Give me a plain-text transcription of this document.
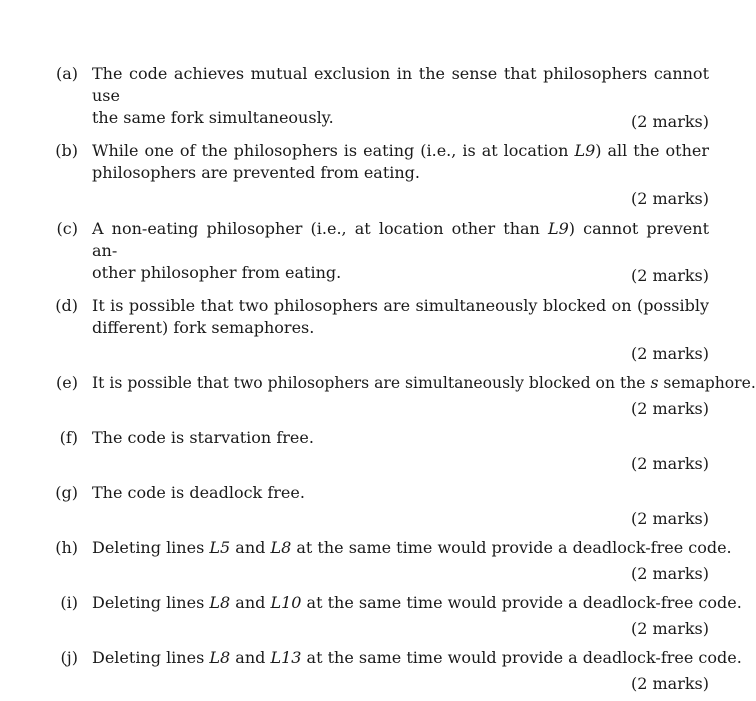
(a) The code achieves mutual exclusion in the sense that philosophers cannot use
the same fork simultaneously.	(2 marks)
(b) While one of the philosophers is eating (i.e., is at location L9) all the other
philosophers are prevented from eating.
(2 marks)
(c) A non-eating philosopher (i.e., at location other than L9) cannot prevent an-
other philosopher from eating.	(2 marks)
(d) It is possible that two philosophers are simultaneously blocked on (possibly
different) fork semaphores.
(2 marks)
(e) It is possible that two philosophers are simultaneously blocked on the s semaphore.
(2 marks)
(f) The code is starvation free.
(2 marks)
(g) The code is deadlock free.
(2 marks)
(h) Deleting lines L5 and L8 at the same time would provide a deadlock-free code.
(2 marks)
(i) Deleting lines L8 and L10 at the same time would provide a deadlock-free code.
(2 marks)
(j) Deleting lines L8 and L13 at the same time would provide a deadlock-free code.
(2 marks)
